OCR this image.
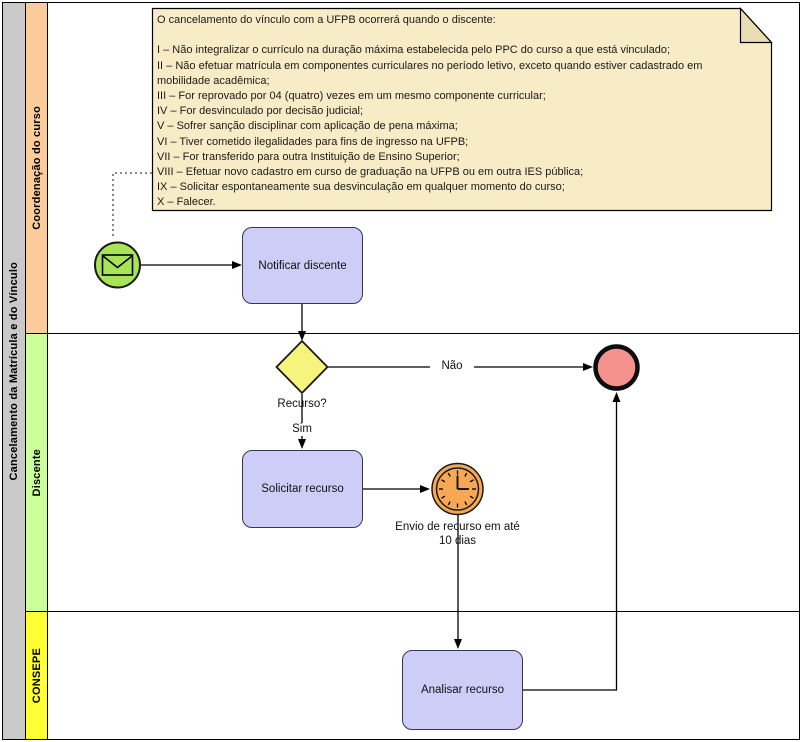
Cancelamento da Matrícula e do Vínculo
Coordenação do curso
Discente
CONSEPE
O cancelamento do vínculo com a UFPB ocorrerá quando o discente:
I – Não integralizar o currículo na duração máxima estabelecida pelo PPC do curso a que está vinculado;
II – Não efetuar matrícula em componentes curriculares no período letivo, exceto quando estiver cadastrado em
mobilidade acadêmica;
III – For reprovado por 04 (quatro) vezes em um mesmo componente curricular;
IV – For desvinculado por decisão judicial;
V – Sofrer sanção disciplinar com aplicação de pena máxima;
VI – Tiver cometido ilegalidades para fins de ingresso na UFPB;
VII – For transferido para outra Instituição de Ensino Superior;
VIII – Efetuar novo cadastro em curso de graduação na UFPB ou em outra IES pública;
IX – Solicitar espontaneamente sua desvinculação em qualquer momento do curso;
X – Falecer.
Notificar discente
Solicitar recurso
Analisar recurso
Recurso?
Não
Sim
Envio de recurso em até 10 dias
